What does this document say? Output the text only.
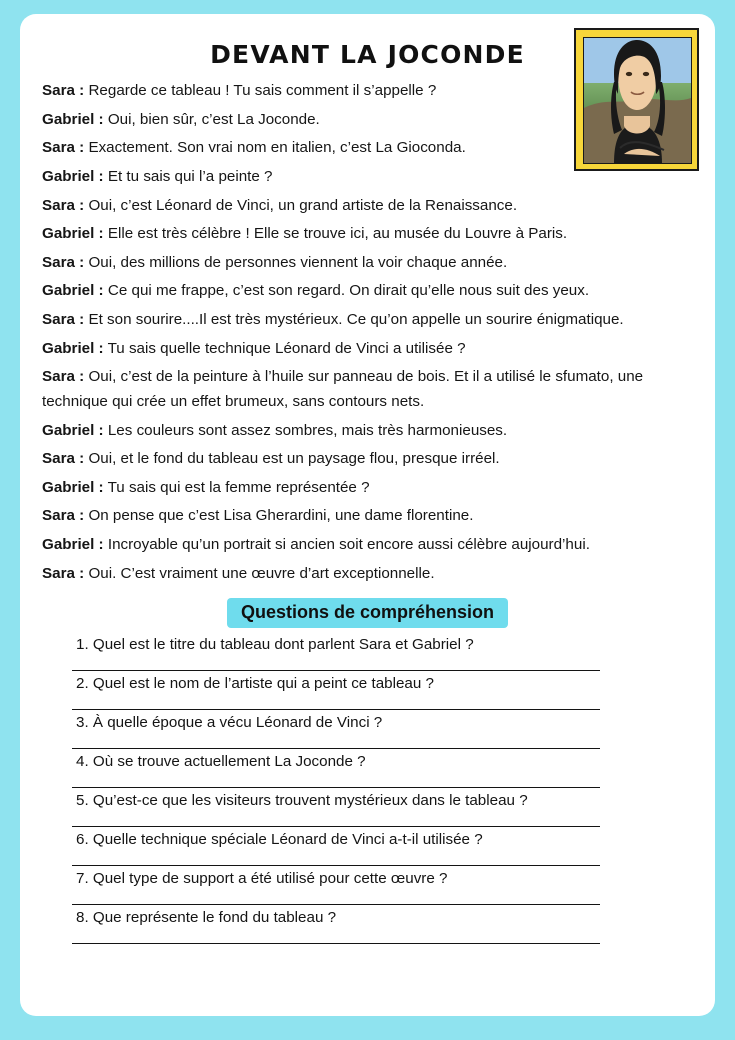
DEVANT LA JOCONDE

Sara : Regarde ce tableau ! Tu sais comment il s’appelle ?

Gabriel : Oui, bien sûr, c’est La Joconde.

Sara : Exactement. Son vrai nom en italien, c’est La Gioconda.

Gabriel : Et tu sais qui l’a peinte ?

Sara : Oui, c’est Léonard de Vinci, un grand artiste de la Renaissance.

Gabriel : Elle est très célèbre ! Elle se trouve ici, au musée du Louvre à Paris.

Sara : Oui, des millions de personnes viennent la voir chaque année.

Gabriel : Ce qui me frappe, c’est son regard. On dirait qu’elle nous suit des yeux.

Sara : Et son sourire....Il est très mystérieux. Ce qu’on appelle un sourire énigmatique.

Gabriel : Tu sais quelle technique Léonard de Vinci a utilisée ?

Sara : Oui, c’est de la peinture à l’huile sur panneau de bois. Et il a utilisé le sfumato, une technique qui crée un effet brumeux, sans contours nets.

Gabriel : Les couleurs sont assez sombres, mais très harmonieuses.

Sara : Oui, et le fond du tableau est un paysage flou, presque irréel.

Gabriel : Tu sais qui est la femme représentée ?

Sara : On pense que c’est Lisa Gherardini, une dame florentine.

Gabriel : Incroyable qu’un portrait si ancien soit encore aussi célèbre aujourd’hui.

Sara : Oui. C’est vraiment une œuvre d’art exceptionnelle.

Questions de compréhension
1. Quel est le titre du tableau dont parlent Sara et Gabriel ?
2. Quel est le nom de l’artiste qui a peint ce tableau ?
3. À quelle époque a vécu Léonard de Vinci ?
4. Où se trouve actuellement La Joconde ?
5. Qu’est-ce que les visiteurs trouvent mystérieux dans le tableau ?
6. Quelle technique spéciale Léonard de Vinci a-t-il utilisée ?
7. Quel type de support a été utilisé pour cette œuvre ?
8. Que représente le fond du tableau ?
